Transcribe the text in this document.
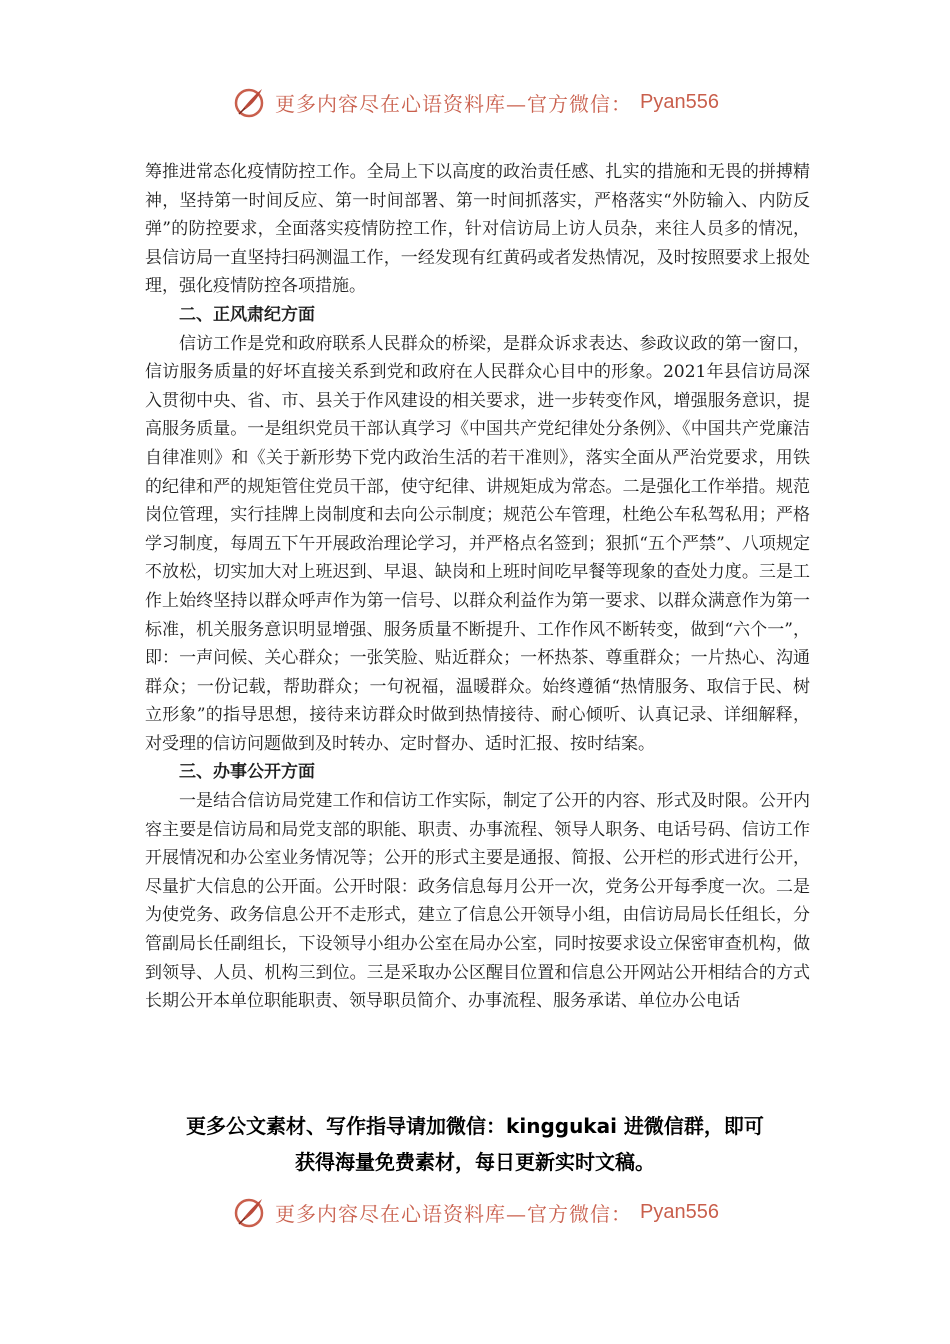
更多内容尽在心语资料库—官方微信： Pyan556

筹推进常态化疫情防控工作。全局上下以高度的政治责任感、扎实的措施和无畏的拼搏精神，坚持第一时间反应、第一时间部署、第一时间抓落实，严格落实“外防输入、内防反弹”的防控要求，全面落实疫情防控工作，针对信访局上访人员杂，来往人员多的情况，县信访局一直坚持扫码测温工作，一经发现有红黄码或者发热情况，及时按照要求上报处理，强化疫情防控各项措施。

二、正风肃纪方面

信访工作是党和政府联系人民群众的桥梁，是群众诉求表达、参政议政的第一窗口，信访服务质量的好坏直接关系到党和政府在人民群众心目中的形象。2021年县信访局深入贯彻中央、省、市、县关于作风建设的相关要求，进一步转变作风，增强服务意识，提高服务质量。一是组织党员干部认真学习《中国共产党纪律处分条例》、《中国共产党廉洁自律准则》和《关于新形势下党内政治生活的若干准则》，落实全面从严治党要求，用铁的纪律和严的规矩管住党员干部，使守纪律、讲规矩成为常态。二是强化工作举措。规范岗位管理，实行挂牌上岗制度和去向公示制度；规范公车管理，杜绝公车私驾私用；严格学习制度，每周五下午开展政治理论学习，并严格点名签到；狠抓“五个严禁”、八项规定不放松，切实加大对上班迟到、早退、缺岗和上班时间吃早餐等现象的查处力度。三是工作上始终坚持以群众呼声作为第一信号、以群众利益作为第一要求、以群众满意作为第一标准，机关服务意识明显增强、服务质量不断提升、工作作风不断转变，做到“六个一”，即：一声问候、关心群众；一张笑脸、贴近群众；一杯热茶、尊重群众；一片热心、沟通群众；一份记载，帮助群众；一句祝福，温暖群众。始终遵循“热情服务、取信于民、树立形象”的指导思想，接待来访群众时做到热情接待、耐心倾听、认真记录、详细解释，对受理的信访问题做到及时转办、定时督办、适时汇报、按时结案。

三、办事公开方面

一是结合信访局党建工作和信访工作实际，制定了公开的内容、形式及时限。公开内容主要是信访局和局党支部的职能、职责、办事流程、领导人职务、电话号码、信访工作开展情况和办公室业务情况等；公开的形式主要是通报、简报、公开栏的形式进行公开，尽量扩大信息的公开面。公开时限：政务信息每月公开一次，党务公开每季度一次。二是为使党务、政务信息公开不走形式，建立了信息公开领导小组，由信访局局长任组长，分管副局长任副组长，下设领导小组办公室在局办公室，同时按要求设立保密审查机构，做到领导、人员、机构三到位。三是采取办公区醒目位置和信息公开网站公开相结合的方式长期公开本单位职能职责、领导职员简介、办事流程、服务承诺、单位办公电话

更多公文素材、写作指导请加微信：kinggukai 进微信群，即可
获得海量免费素材，每日更新实时文稿。
更多内容尽在心语资料库—官方微信： Pyan556
